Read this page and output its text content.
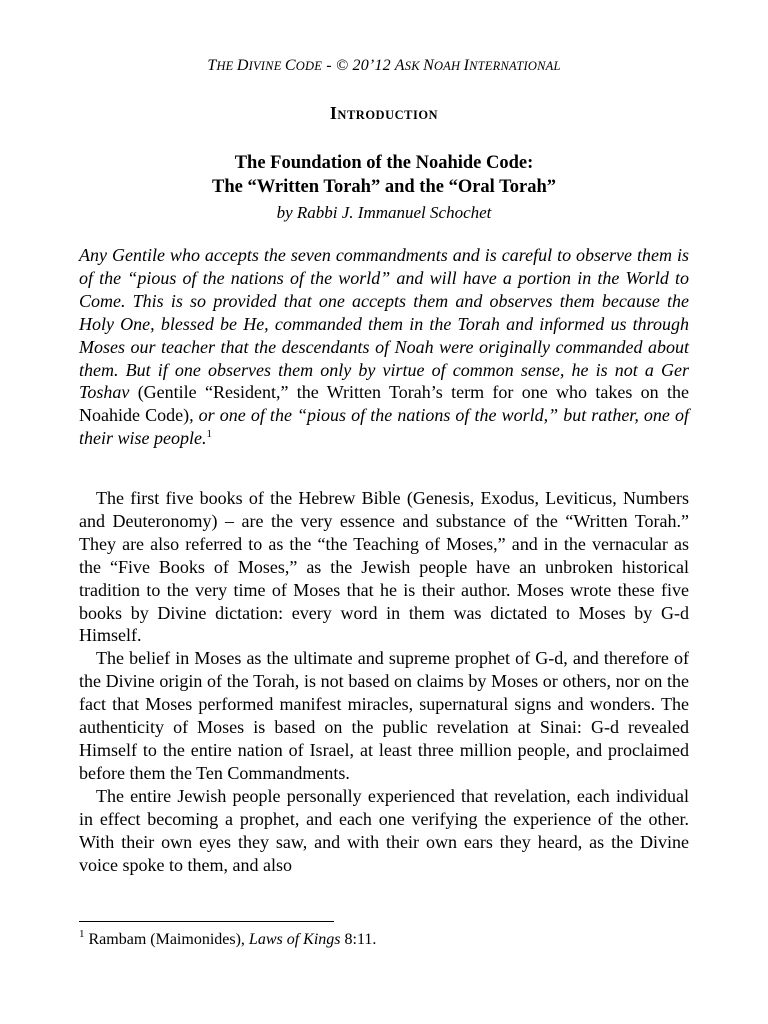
THE DIVINE CODE - © 20’12 ASK NOAH INTERNATIONAL
INTRODUCTION
The Foundation of the Noahide Code:
The “Written Torah” and the “Oral Torah”
by Rabbi J. Immanuel Schochet

Any Gentile who accepts the seven commandments and is careful to observe them is of the “pious of the nations of the world” and will have a portion in the World to Come. This is so provided that one accepts them and observes them because the Holy One, blessed be He, commanded them in the Torah and informed us through Moses our teacher that the descendants of Noah were originally commanded about them. But if one observes them only by virtue of common sense, he is not a Ger Toshav (Gentile “Resident,” the Written Torah’s term for one who takes on the Noahide Code), or one of the “pious of the nations of the world,” but rather, one of their wise people.$^1$

The first five books of the Hebrew Bible (Genesis, Exodus, Leviticus, Numbers and Deuteronomy) – are the very essence and substance of the “Written Torah.” They are also referred to as the “the Teaching of Moses,” and in the vernacular as the “Five Books of Moses,” as the Jewish people have an unbroken historical tradition to the very time of Moses that he is their author. Moses wrote these five books by Divine dictation: every word in them was dictated to Moses by G-d Himself.

The belief in Moses as the ultimate and supreme prophet of G-d, and therefore of the Divine origin of the Torah, is not based on claims by Moses or others, nor on the fact that Moses performed manifest miracles, supernatural signs and wonders. The authenticity of Moses is based on the public revelation at Sinai: G-d revealed Himself to the entire nation of Israel, at least three million people, and proclaimed before them the Ten Commandments.

The entire Jewish people personally experienced that revelation, each individual in effect becoming a prophet, and each one verifying the experience of the other. With their own eyes they saw, and with their own ears they heard, as the Divine voice spoke to them, and also

$^1$ Rambam (Maimonides), Laws of Kings 8:11.
